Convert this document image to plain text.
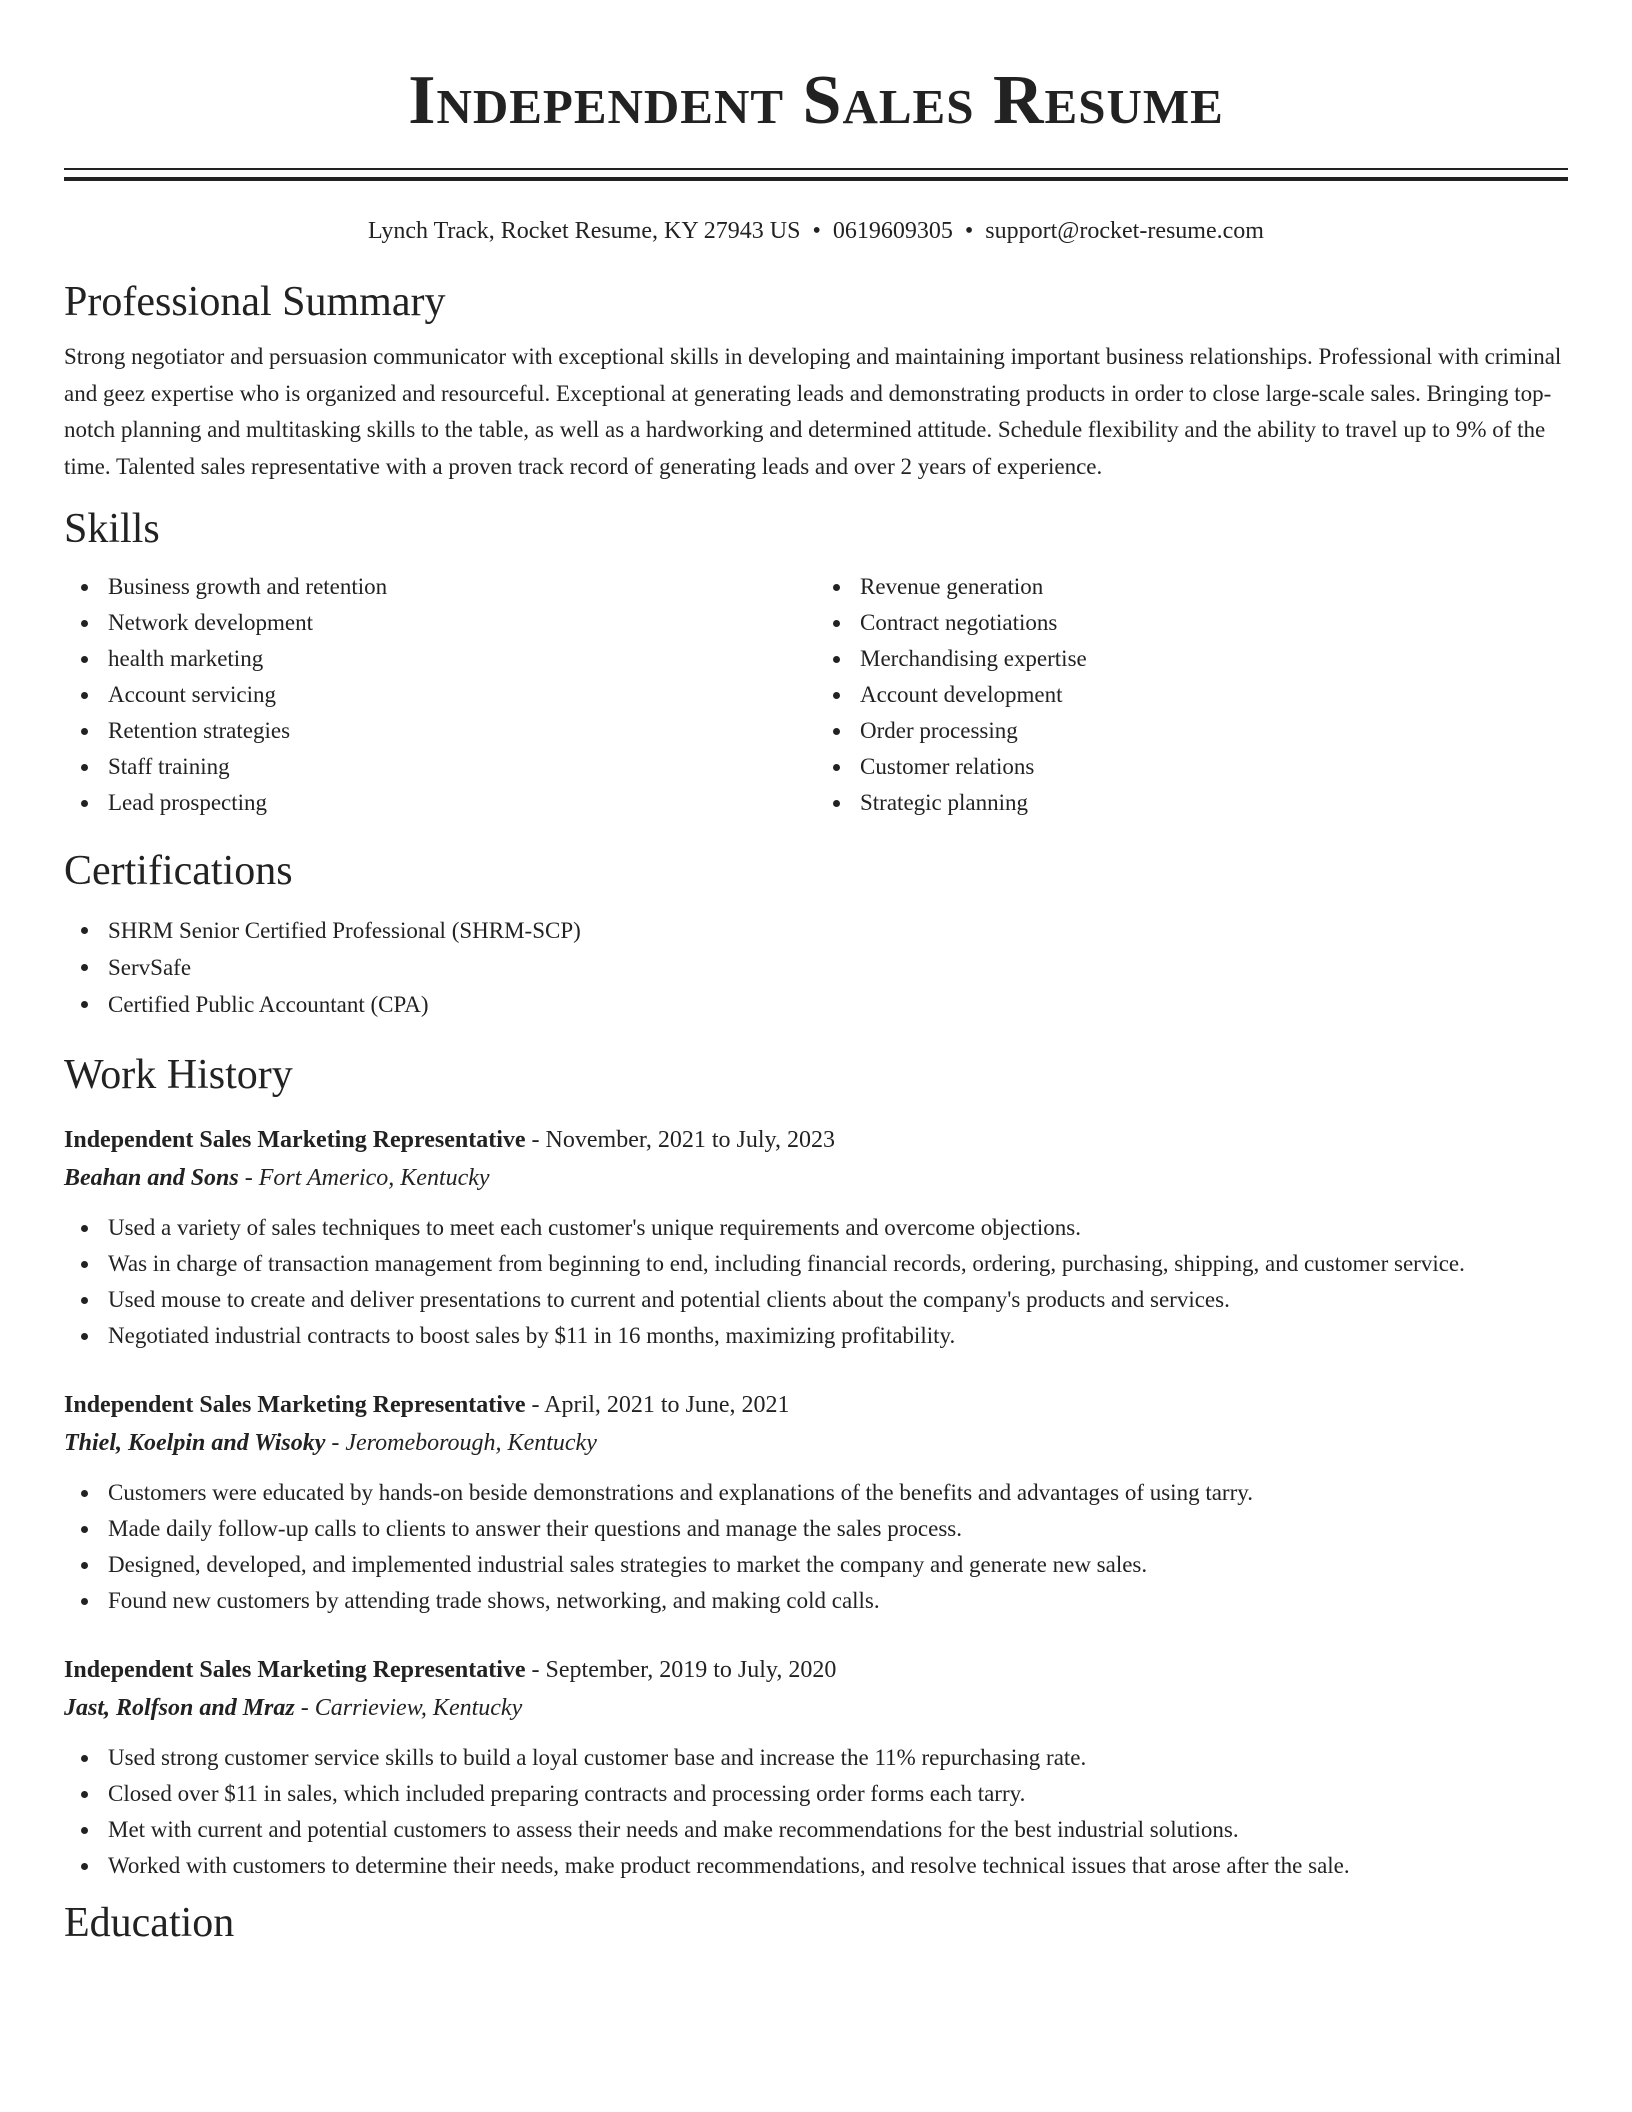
Independent Sales Resume
Lynch Track, Rocket Resume, KY 27943 US • 0619609305 • support@rocket-resume.com
Professional Summary

Strong negotiator and persuasion communicator with exceptional skills in developing and maintaining important business relationships. Professional with criminal and geez expertise who is organized and resourceful. Exceptional at generating leads and demonstrating products in order to close large-scale sales. Bringing top-notch planning and multitasking skills to the table, as well as a hardworking and determined attitude. Schedule flexibility and the ability to travel up to 9% of the time. Talented sales representative with a proven track record of generating leads and over 2 years of experience.

Skills
Business growth and retention
Network development
health marketing
Account servicing
Retention strategies
Staff training
Lead prospecting
Revenue generation
Contract negotiations
Merchandising expertise
Account development
Order processing
Customer relations
Strategic planning
Certifications
SHRM Senior Certified Professional (SHRM-SCP)
ServSafe
Certified Public Accountant (CPA)
Work History
Independent Sales Marketing Representative - November, 2021 to July, 2023
Beahan and Sons - Fort Americo, Kentucky
Used a variety of sales techniques to meet each customer's unique requirements and overcome objections.
Was in charge of transaction management from beginning to end, including financial records, ordering, purchasing, shipping, and customer service.
Used mouse to create and deliver presentations to current and potential clients about the company's products and services.
Negotiated industrial contracts to boost sales by $11 in 16 months, maximizing profitability.
Independent Sales Marketing Representative - April, 2021 to June, 2021
Thiel, Koelpin and Wisoky - Jeromeborough, Kentucky
Customers were educated by hands-on beside demonstrations and explanations of the benefits and advantages of using tarry.
Made daily follow-up calls to clients to answer their questions and manage the sales process.
Designed, developed, and implemented industrial sales strategies to market the company and generate new sales.
Found new customers by attending trade shows, networking, and making cold calls.
Independent Sales Marketing Representative - September, 2019 to July, 2020
Jast, Rolfson and Mraz - Carrieview, Kentucky
Used strong customer service skills to build a loyal customer base and increase the 11% repurchasing rate.
Closed over $11 in sales, which included preparing contracts and processing order forms each tarry.
Met with current and potential customers to assess their needs and make recommendations for the best industrial solutions.
Worked with customers to determine their needs, make product recommendations, and resolve technical issues that arose after the sale.
Education
